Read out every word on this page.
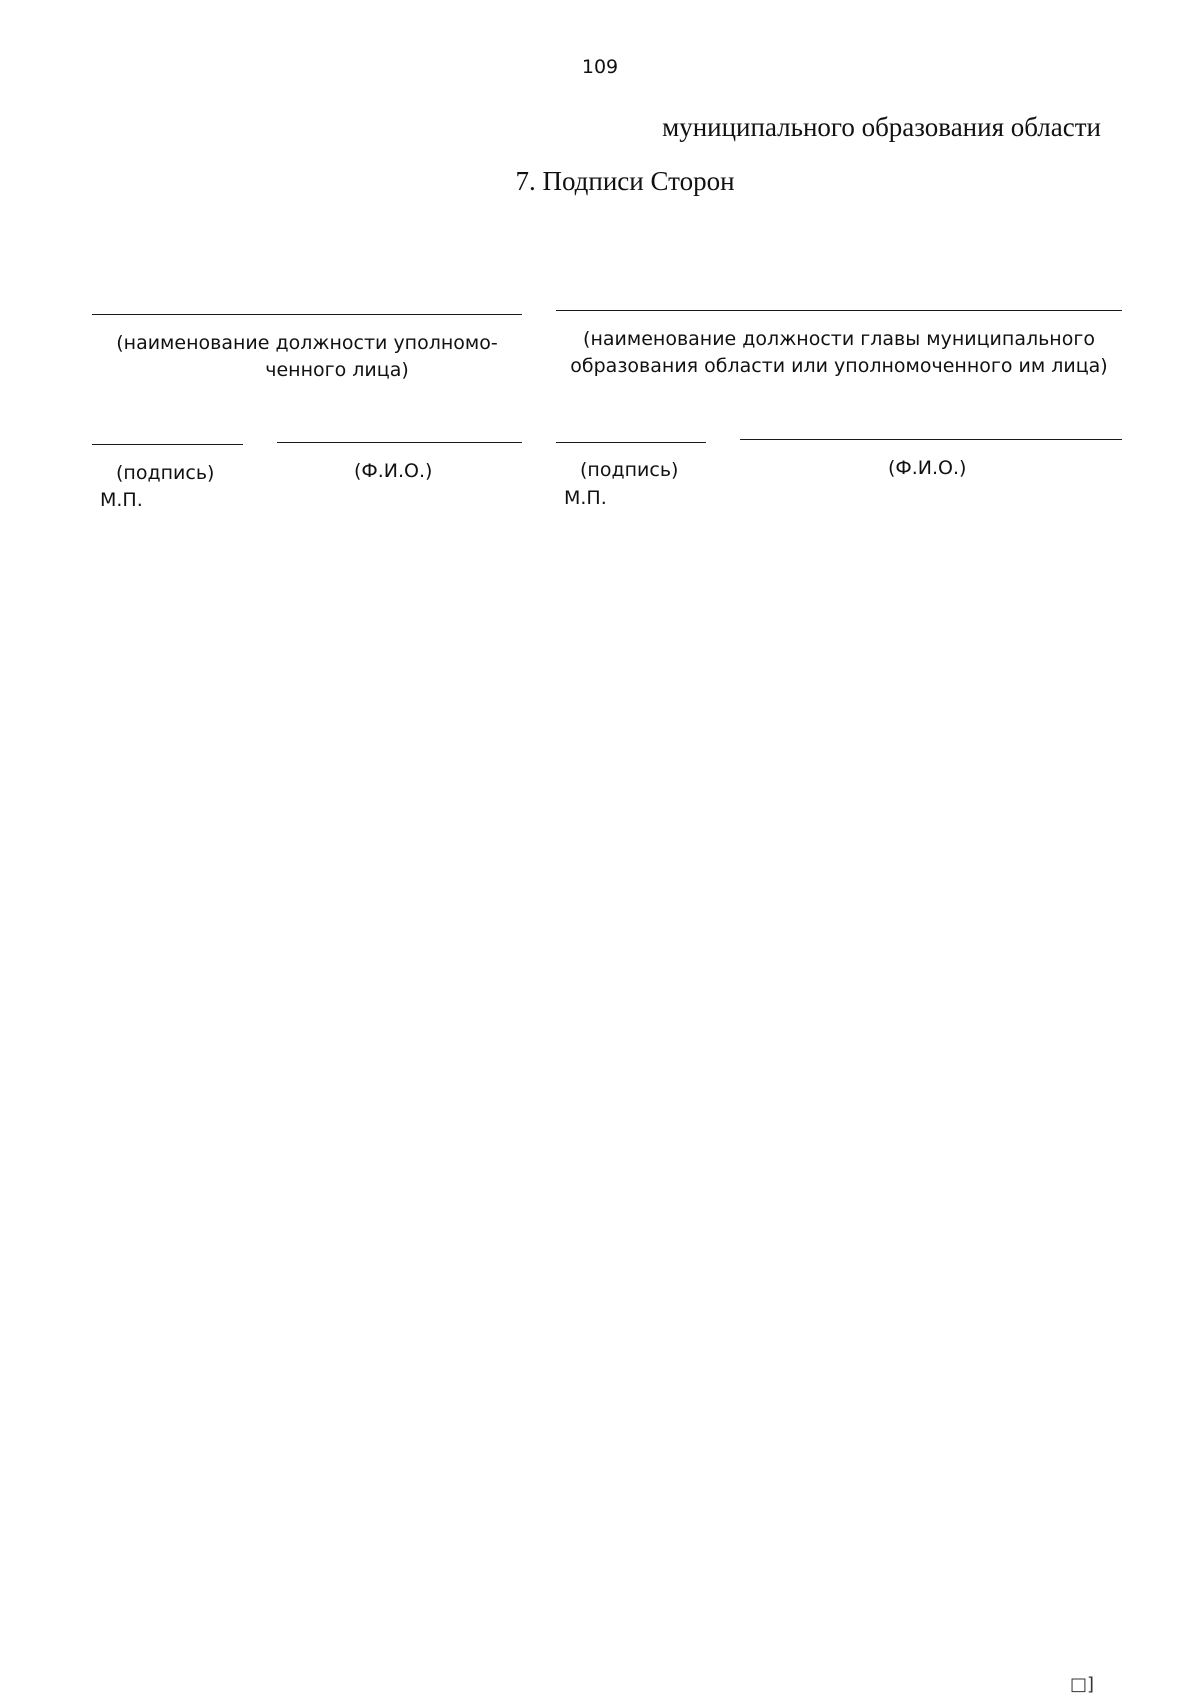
109
муниципального образования области
7. Подписи Сторон
(наименование должности уполномо-
ченного лица)
(подпись)	(Ф.И.О.)
М.П.
(наименование должности главы муниципального
образования области или уполномоченного им лица)
(подпись)	(Ф.И.О.)
М.П.
□]
